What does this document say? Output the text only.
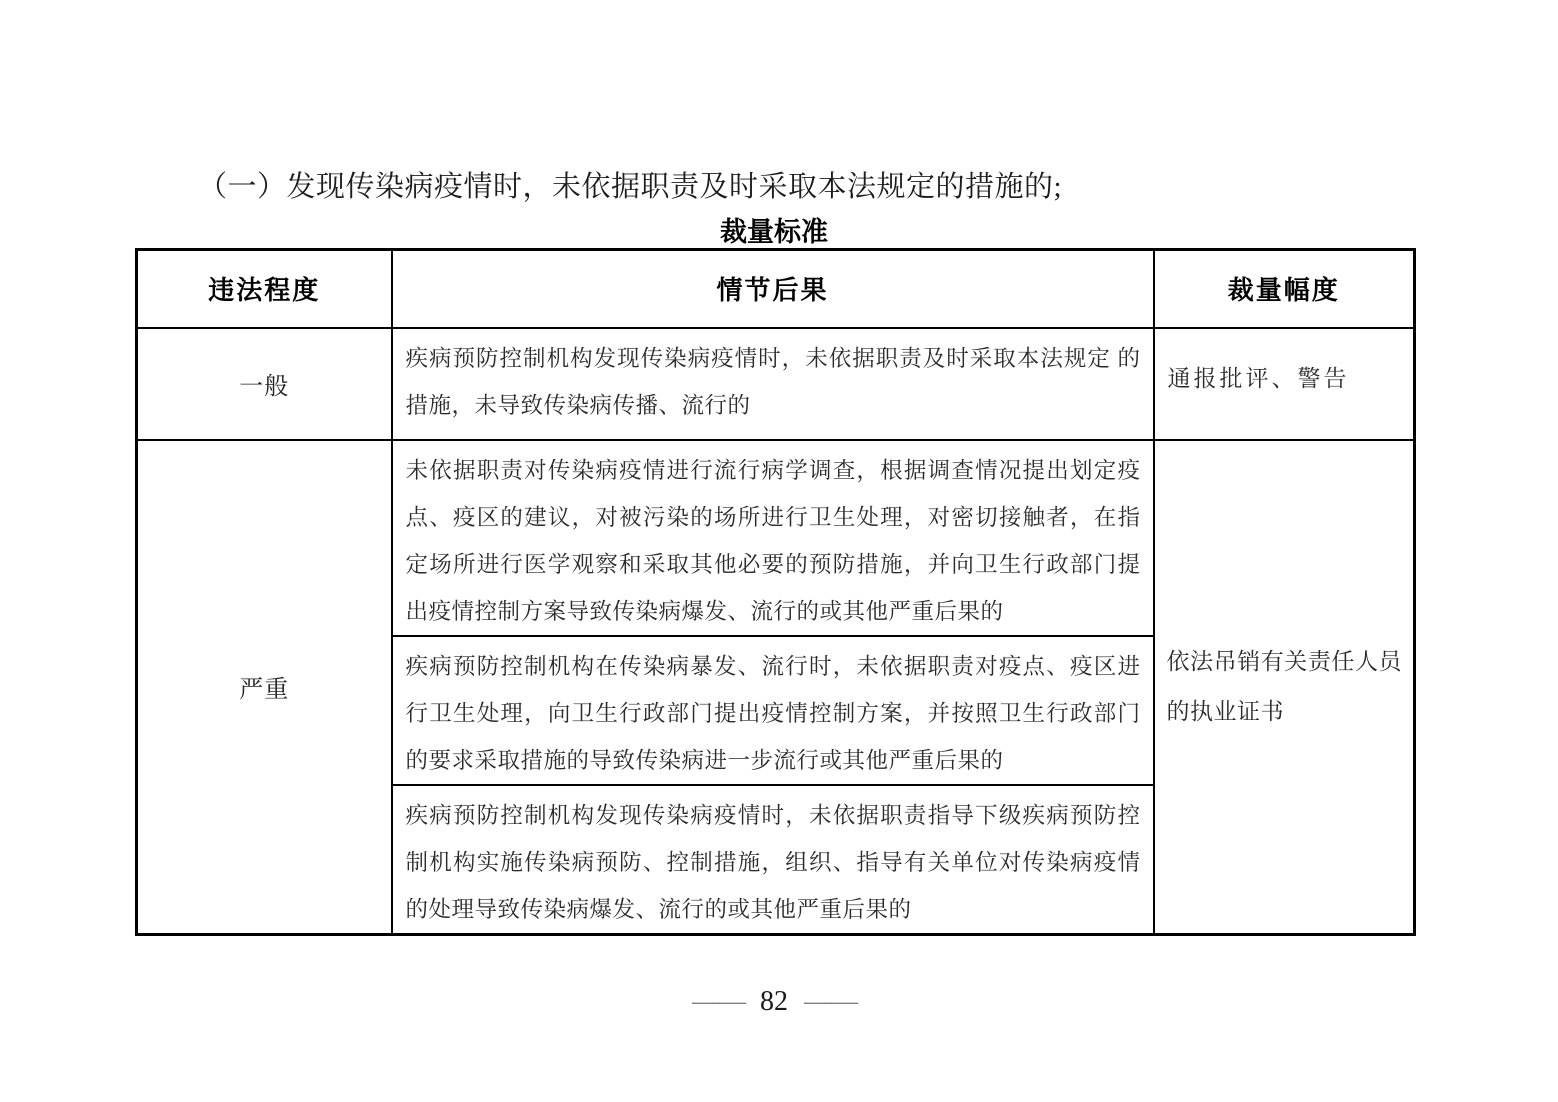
（一）发现传染病疫情时，未依据职责及时采取本法规定的措施的;
裁量标准
违法程度	情节后果	裁量幅度
一般	疾病预防控制机构发现传染病疫情时，未依据职责及时采取本法规定 的措施，未导致传染病传播、流行的	通报批评、警告
严重	未依据职责对传染病疫情进行流行病学调查，根据调查情况提出划定疫点、疫区的建议，对被污染的场所进行卫生处理，对密切接触者，在指定场所进行医学观察和采取其他必要的预防措施，并向卫生行政部门提出疫情控制方案导致传染病爆发、流行的或其他严重后果的	依法吊销有关责任人员的执业证书
	疾病预防控制机构在传染病暴发、流行时，未依据职责对疫点、疫区进行卫生处理，向卫生行政部门提出疫情控制方案，并按照卫生行政部门的要求采取措施的导致传染病进一步流行或其他严重后果的	
	疾病预防控制机构发现传染病疫情时，未依据职责指导下级疾病预防控制机构实施传染病预防、控制措施，组织、指导有关单位对传染病疫情的处理导致传染病爆发、流行的或其他严重后果的	
—— 82 ——
